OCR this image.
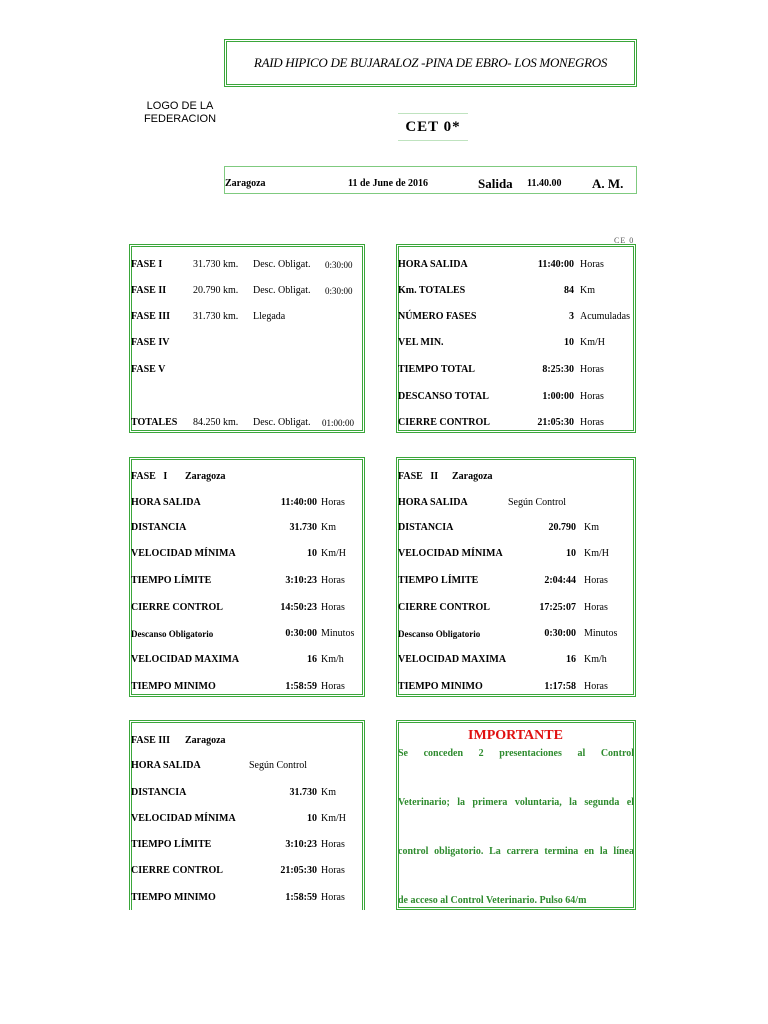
RAID HIPICO DE BUJARALOZ -PINA DE EBRO- LOS MONEGROS
LOGO DE LA
FEDERACION	CET 0*
Zaragoza	11 de June de 2016	Salida 11.40.00 A. M.
CE 0
FASE I	31.730 km. Desc. Obligat. 0:30:00
FASE II	20.790 km. Desc. Obligat. 0:30:00
FASE III 31.730 km. Llegada
FASE IV
FASE V
TOTALES 84.250 km. Desc. Obligat. 01:00:00
HORA SALIDA	11:40:00 Horas
Km. TOTALES	84 Km
NÚMERO FASES	3 Acumuladas
VEL MIN.	10 Km/H
TIEMPO TOTAL	8:25:30 Horas
DESCANSO TOTAL	1:00:00 Horas
CIERRE CONTROL	21:05:30 Horas
FASE   I Zaragoza
HORA SALIDA	11:40:00 Horas
DISTANCIA	31.730 Km
VELOCIDAD MÍNIMA	10 Km/H
TIEMPO LÍMITE	3:10:23 Horas
CIERRE CONTROL	14:50:23 Horas
Descanso Obligatorio	0:30:00 Minutos
VELOCIDAD MAXIMA	16 Km/h
TIEMPO MINIMO	1:58:59 Horas
FASE   II Zaragoza
HORA SALIDA	Según Control
DISTANCIA	20.790 Km
VELOCIDAD MÍNIMA	10 Km/H
TIEMPO LÍMITE	2:04:44 Horas
CIERRE CONTROL	17:25:07 Horas
Descanso Obligatorio	0:30:00 Minutos
VELOCIDAD MAXIMA	16 Km/h
TIEMPO MINIMO	1:17:58 Horas
FASE III Zaragoza
HORA SALIDA	Según Control
DISTANCIA	31.730 Km
VELOCIDAD MÍNIMA	10 Km/H
TIEMPO LÍMITE	3:10:23 Horas
CIERRE CONTROL	21:05:30 Horas
TIEMPO MINIMO	1:58:59 Horas
IMPORTANTE
Se conceden 2 presentaciones al Control
Veterinario; la primera voluntaria, la segunda el
control obligatorio. La carrera termina en la línea
de acceso al Control Veterinario. Pulso 64/m
